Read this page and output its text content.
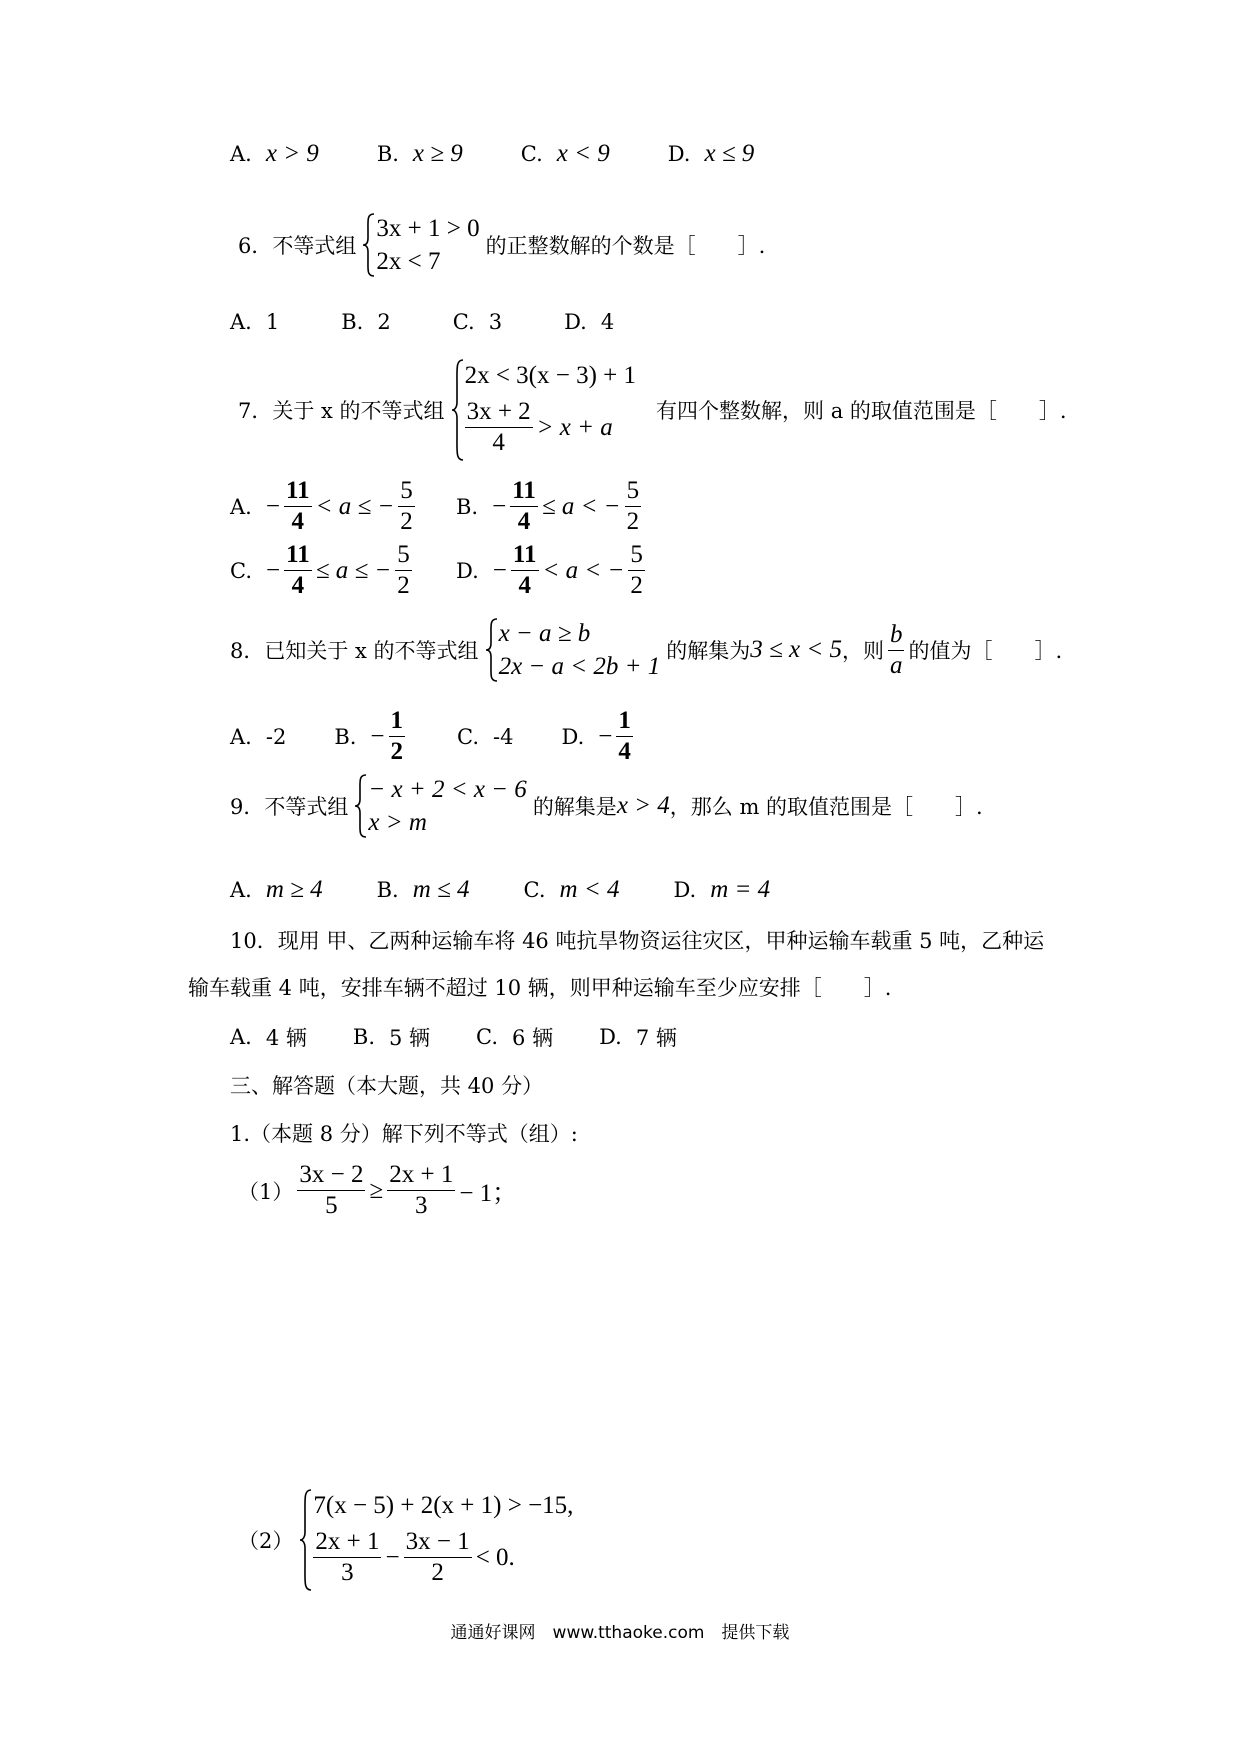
A. x > 9	B. x ≥ 9	C. x < 9	D. x ≤ 9
6．不等式组
3x + 1 > 0
2x < 7
的正整数解的个数是［　　］.
A. 1	B. 2	C. 3	D. 4
7．关于 x 的不等式组
2x < 3(x − 3) + 1
$\frac{3x + 2}{4} > x + a$
有四个整数解，则 a 的取值范围是［　　］.
A. − $\frac{11}{4} < a$ ≤ − $\frac{5}{2} B$. − $\frac{11}{4} \le a$ < − $\frac{5}{2}$
C. − $\frac{11}{4} \le a$ ≤ − $\frac{5}{2} D$. − $\frac{11}{4} < a$ < − $\frac{5}{2}$
8．已知关于 x 的不等式组
x − a ≥ b
2x − a < 2b + 1
的解集为 3 ≤ x < 5 ，则 $\frac{b}{a}$ 的值为［　　］.
A. -2 B. − $\frac{1}{2} C$. -4 D. − $\frac{1}{4}$
9．不等式组
− x + 2 < x − 6
x > m
的解集是 x > 4 ，那么 m 的取值范围是［　　］.
A. m ≥ 4	B. m ≤ 4	C. m < 4	D. m = 4
10．现用 甲、乙两种运输车将 46 吨抗旱物资运往灾区，甲种运输车载重 5 吨，乙种运
输车载重 4 吨，安排车辆不超过 10 辆，则甲种运输车至少应安排［　　］.
A. 4 辆 B. 5 辆 C. 6 辆 D. 7 辆
三、解答题（本大题，共 40 分）
1.（本题 8 分）解下列不等式（组）:
$(1) \frac{3x - 2}{5} \ge \frac{2x + 1}{3} - 1$；
（2）
7(x − 5) + 2(x + 1) > −15,
$\frac{2x + 1}{3} - \frac{3x - 1}{2} < 0$.
通通好课网　www.tthaoke.com　提供下载
